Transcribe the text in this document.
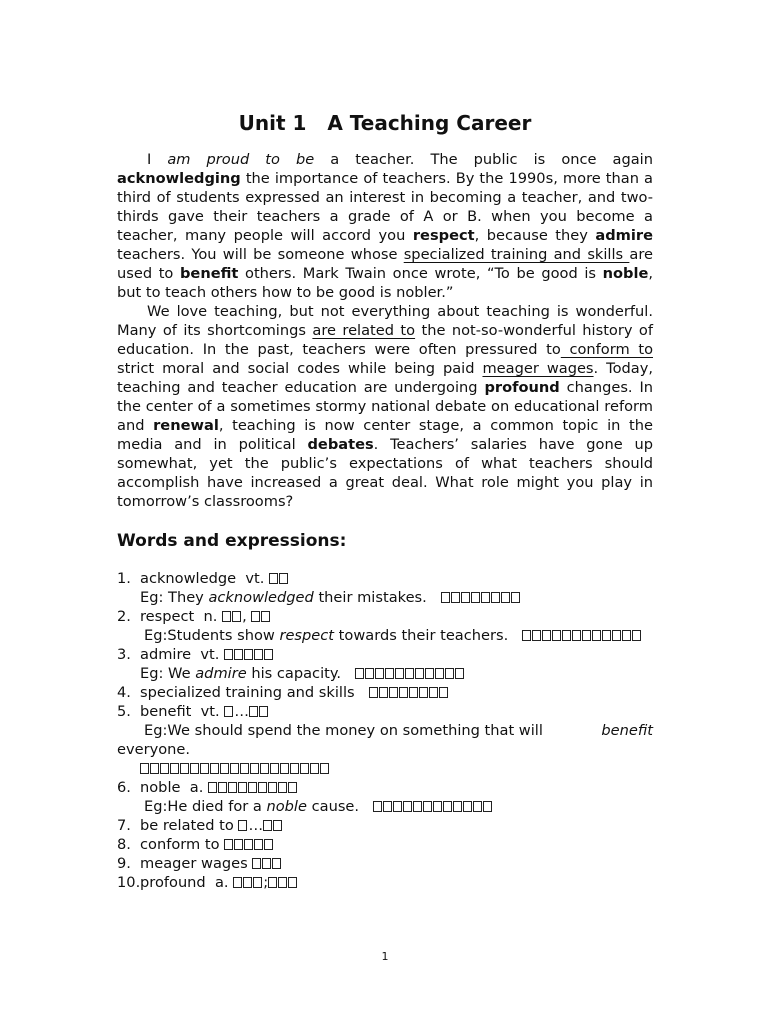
Unit 1   A Teaching Career

I am proud to be a teacher. The public is once again acknowledging the importance of teachers. By the 1990s, more than a third of students expressed an interest in becoming a teacher, and two-thirds gave their teachers a grade of A or B. when you become a teacher, many people will accord you respect, because they admire teachers. You will be someone whose specialized training and skills are used to benefit others. Mark Twain once wrote, “To be good is noble, but to teach others how to be good is nobler.”

We love teaching, but not everything about teaching is wonderful. Many of its shortcomings are related to the not-so-wonderful history of education. In the past, teachers were often pressured to conform to strict moral and social codes while being paid meager wages. Today, teaching and teacher education are undergoing profound changes. In the center of a sometimes stormy national debate on educational reform and renewal, teaching is now center stage, a common topic in the media and in political debates. Teachers’ salaries have gone up somewhat, yet the public’s expectations of what teachers should accomplish have increased a great deal. What role might you play in tomorrow’s classrooms?

Words and expressions:
1. acknowledge  vt.
Eg: They acknowledged their mistakes.
2. respect  n. ,
Eg:Students show respect towards their teachers.
3. admire  vt.
Eg: We admire his capacity.
4. specialized training and skills
5. benefit  vt. …
Eg:We should spend the money on something that will	benefit
everyone.
6. noble  a.
Eg:He died for a noble cause.
7. be related to …
8. conform to
9. meager wages
10. profound  a. ;
1
